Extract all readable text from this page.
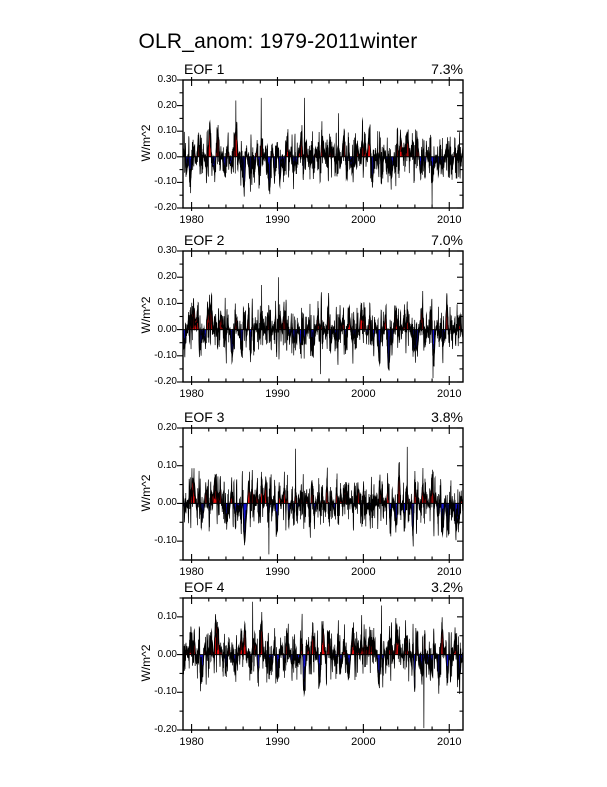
OLR_anom: 1979-2011winter
EOF 1	7.3%
W/m^2
EOF 2	7.0%
W/m^2
EOF 3	3.8%
W/m^2
EOF 4	3.2%
W/m^2
0.30
0.20
0.10
0.00
-0.10
-0.20
1980	1990	2000	2010
0.30
0.20
0.10
0.00
-0.10
-0.20
1980	1990	2000	2010
0.20
0.10
0.00
-0.10
1980	1990	2000	2010
0.10
0.00
-0.10
-0.20
1980	1990	2000	2010
